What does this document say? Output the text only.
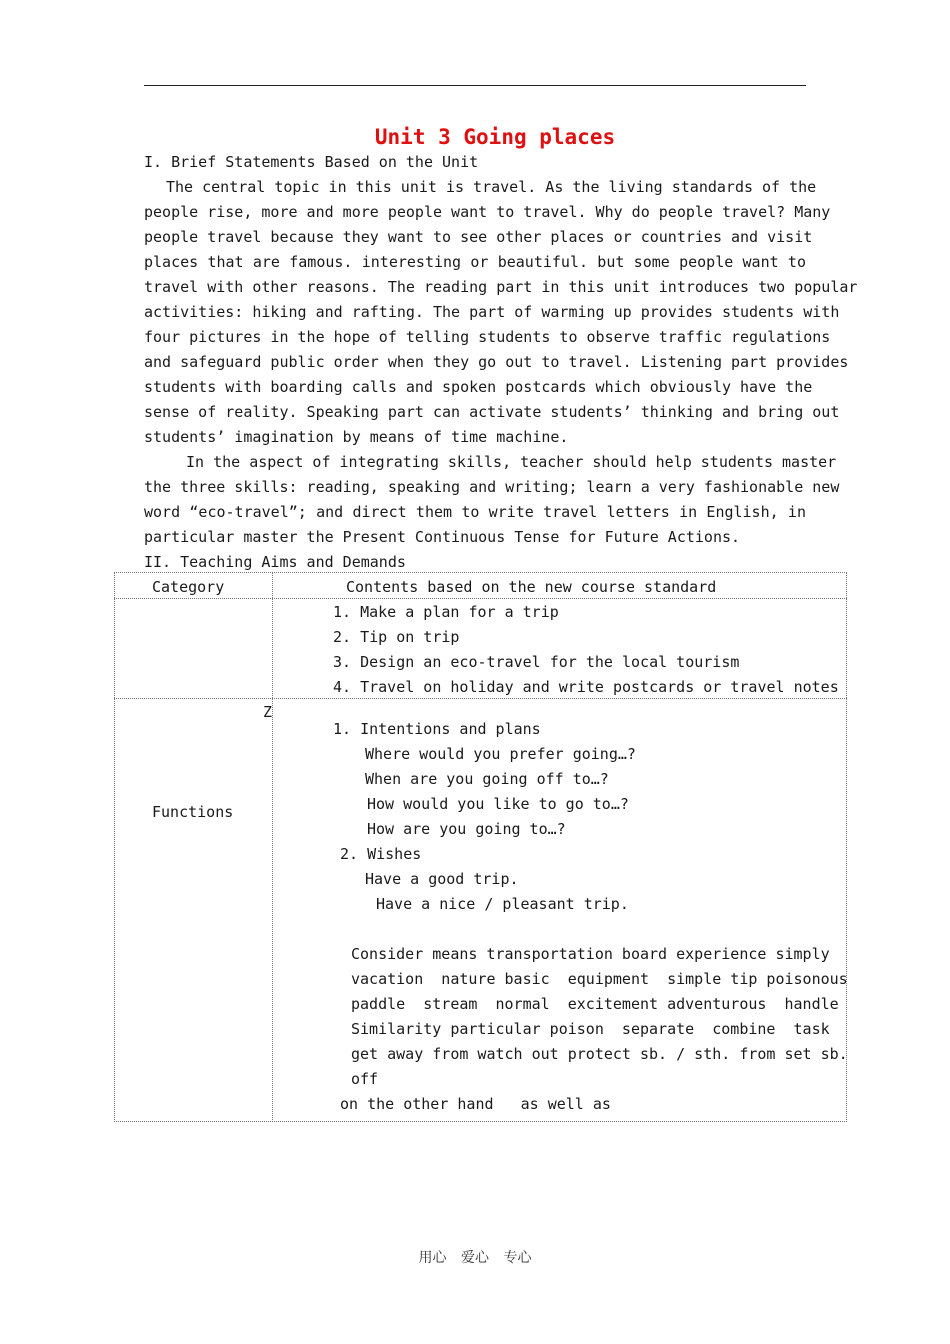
Unit 3 Going places
I. Brief Statements Based on the Unit
The central topic in this unit is travel. As the living standards of the
people rise, more and more people want to travel. Why do people travel? Many
people travel because they want to see other places or countries and visit
places that are famous. interesting or beautiful. but some people want to
travel with other reasons. The reading part in this unit introduces two popular
activities: hiking and rafting. The part of warming up provides students with
four pictures in the hope of telling students to observe traffic regulations
and safeguard public order when they go out to travel. Listening part provides
students with boarding calls and spoken postcards which obviously have the
sense of reality. Speaking part can activate students’ thinking and bring out
students’ imagination by means of time machine.
In the aspect of integrating skills, teacher should help students master
the three skills: reading, speaking and writing; learn a very fashionable new
word “eco-travel”; and direct them to write travel letters in English, in
particular master the Present Continuous Tense for Future Actions.
II. Teaching Aims and Demands
Category	Contents based on the new course standard
1. Make a plan for a trip
2. Tip on trip
3. Design an eco-travel for the local tourism
4. Travel on holiday and write postcards or travel notes
Functions
Z
1. Intentions and plans
Where would you prefer going…?
When are you going off to…?
How would you like to go to…?
How are you going to…?
2. Wishes
Have a good trip.
Have a nice / pleasant trip.
Consider means transportation board experience simply
vacation  nature basic  equipment  simple tip poisonous
paddle  stream  normal  excitement adventurous  handle
Similarity particular poison  separate  combine  task
get away from watch out protect sb. / sth. from set sb.
off
on the other hand   as well as
用心 爱心 专心
